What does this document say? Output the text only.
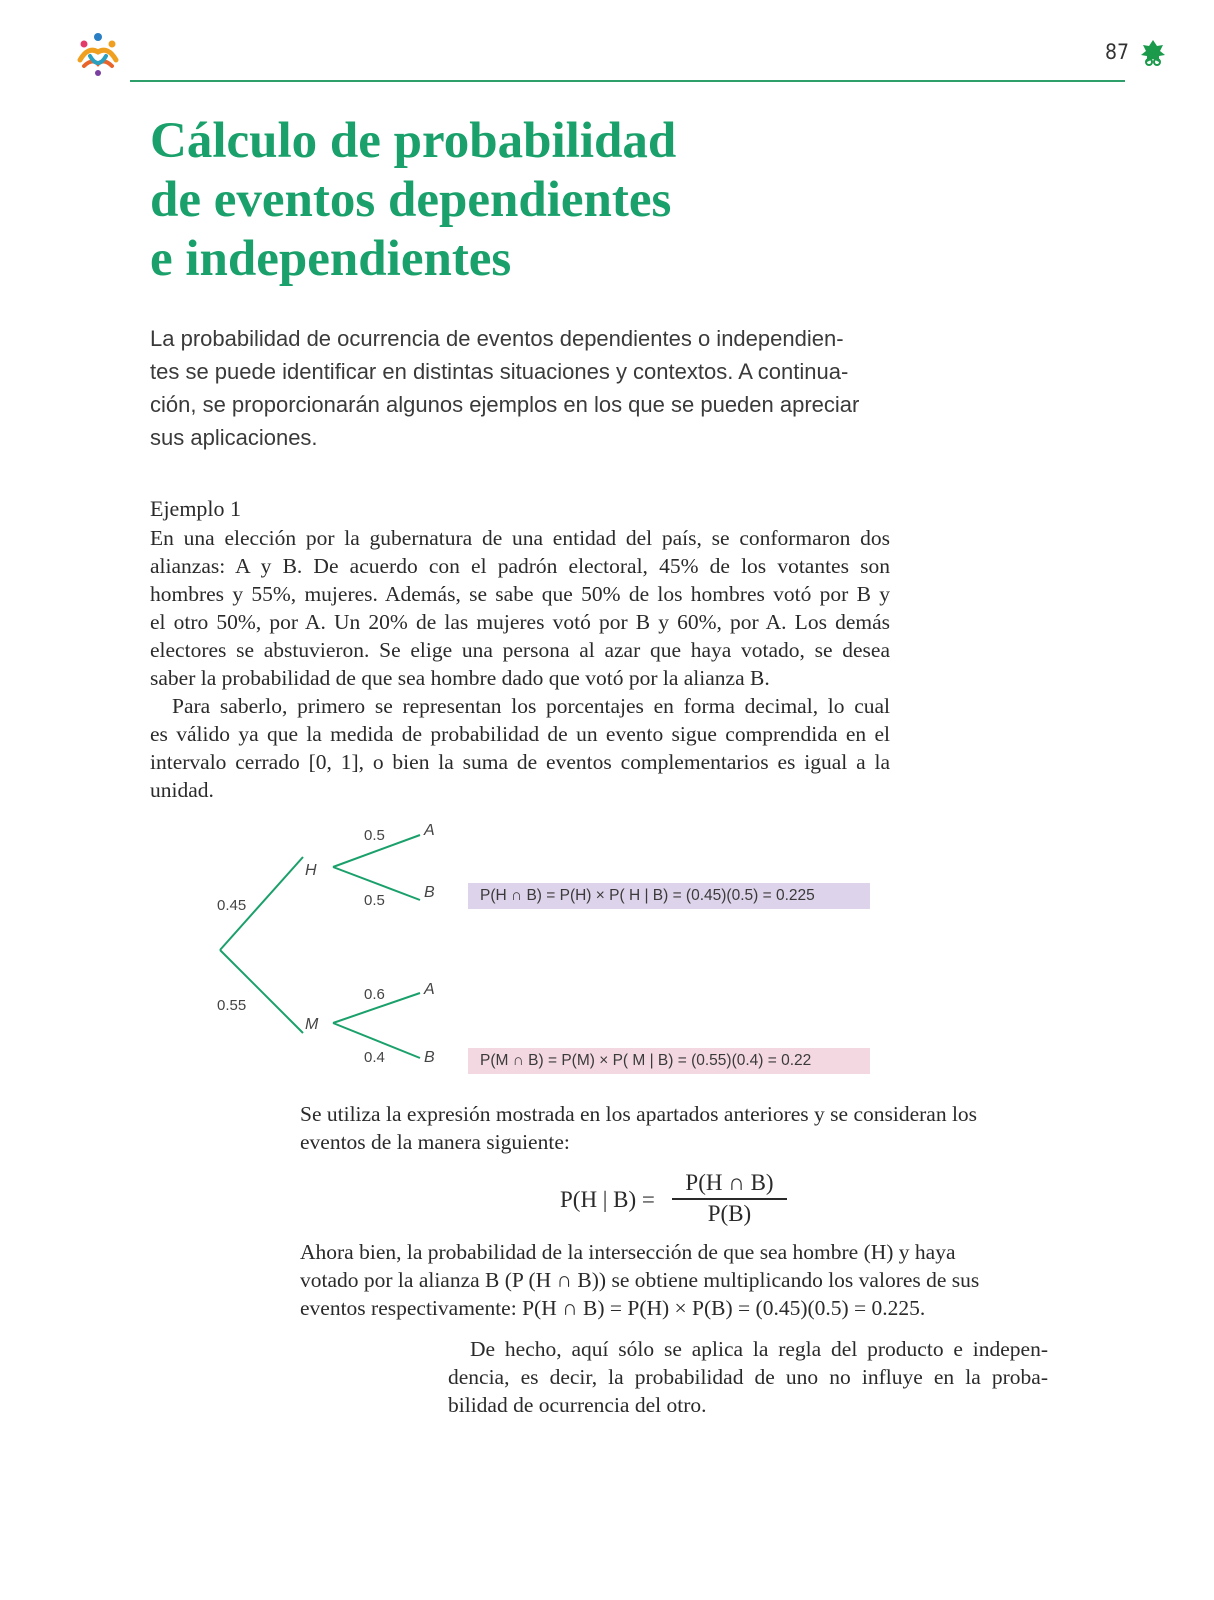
87
Cálculo de probabilidad
de eventos dependientes
e independientes
La probabilidad de ocurrencia de eventos dependientes o independien-
tes se puede identificar en distintas situaciones y contextos. A continua-
ción, se proporcionarán algunos ejemplos en los que se pueden apreciar
sus aplicaciones.
Ejemplo 1
En una elección por la gubernatura de una entidad del país, se conformaron dos
alianzas: A y B. De acuerdo con el padrón electoral, 45% de los votantes son
hombres y 55%, mujeres. Además, se sabe que 50% de los hombres votó por B y
el otro 50%, por A. Un 20% de las mujeres votó por B y 60%, por A. Los demás
electores se abstuvieron. Se elige una persona al azar que haya votado, se desea
saber la probabilidad de que sea hombre dado que votó por la alianza B.
Para saberlo, primero se representan los porcentajes en forma decimal, lo cual
es válido ya que la medida de probabilidad de un evento sigue comprendida en el
intervalo cerrado [0, 1], o bien la suma de eventos complementarios es igual a la
unidad.
0.45
0.55
H
M
0.5
0.5
0.6
0.4
A
B
A
B
P(H ∩ B) = P(H) × P( H | B) = (0.45)(0.5) = 0.225
P(M ∩ B) = P(M) × P( M | B) = (0.55)(0.4) = 0.22
Se utiliza la expresión mostrada en los apartados anteriores y se consideran los
eventos de la manera siguiente:
P(H | B) =
P(H ∩ B)
P(B)
Ahora bien, la probabilidad de la intersección de que sea hombre (H) y haya
votado por la alianza B (P (H ∩ B)) se obtiene multiplicando los valores de sus
eventos respectivamente: P(H ∩ B) = P(H) × P(B) = (0.45)(0.5) = 0.225.
De hecho, aquí sólo se aplica la regla del producto e indepen-
dencia, es decir, la probabilidad de uno no influye en la proba-
bilidad de ocurrencia del otro.
